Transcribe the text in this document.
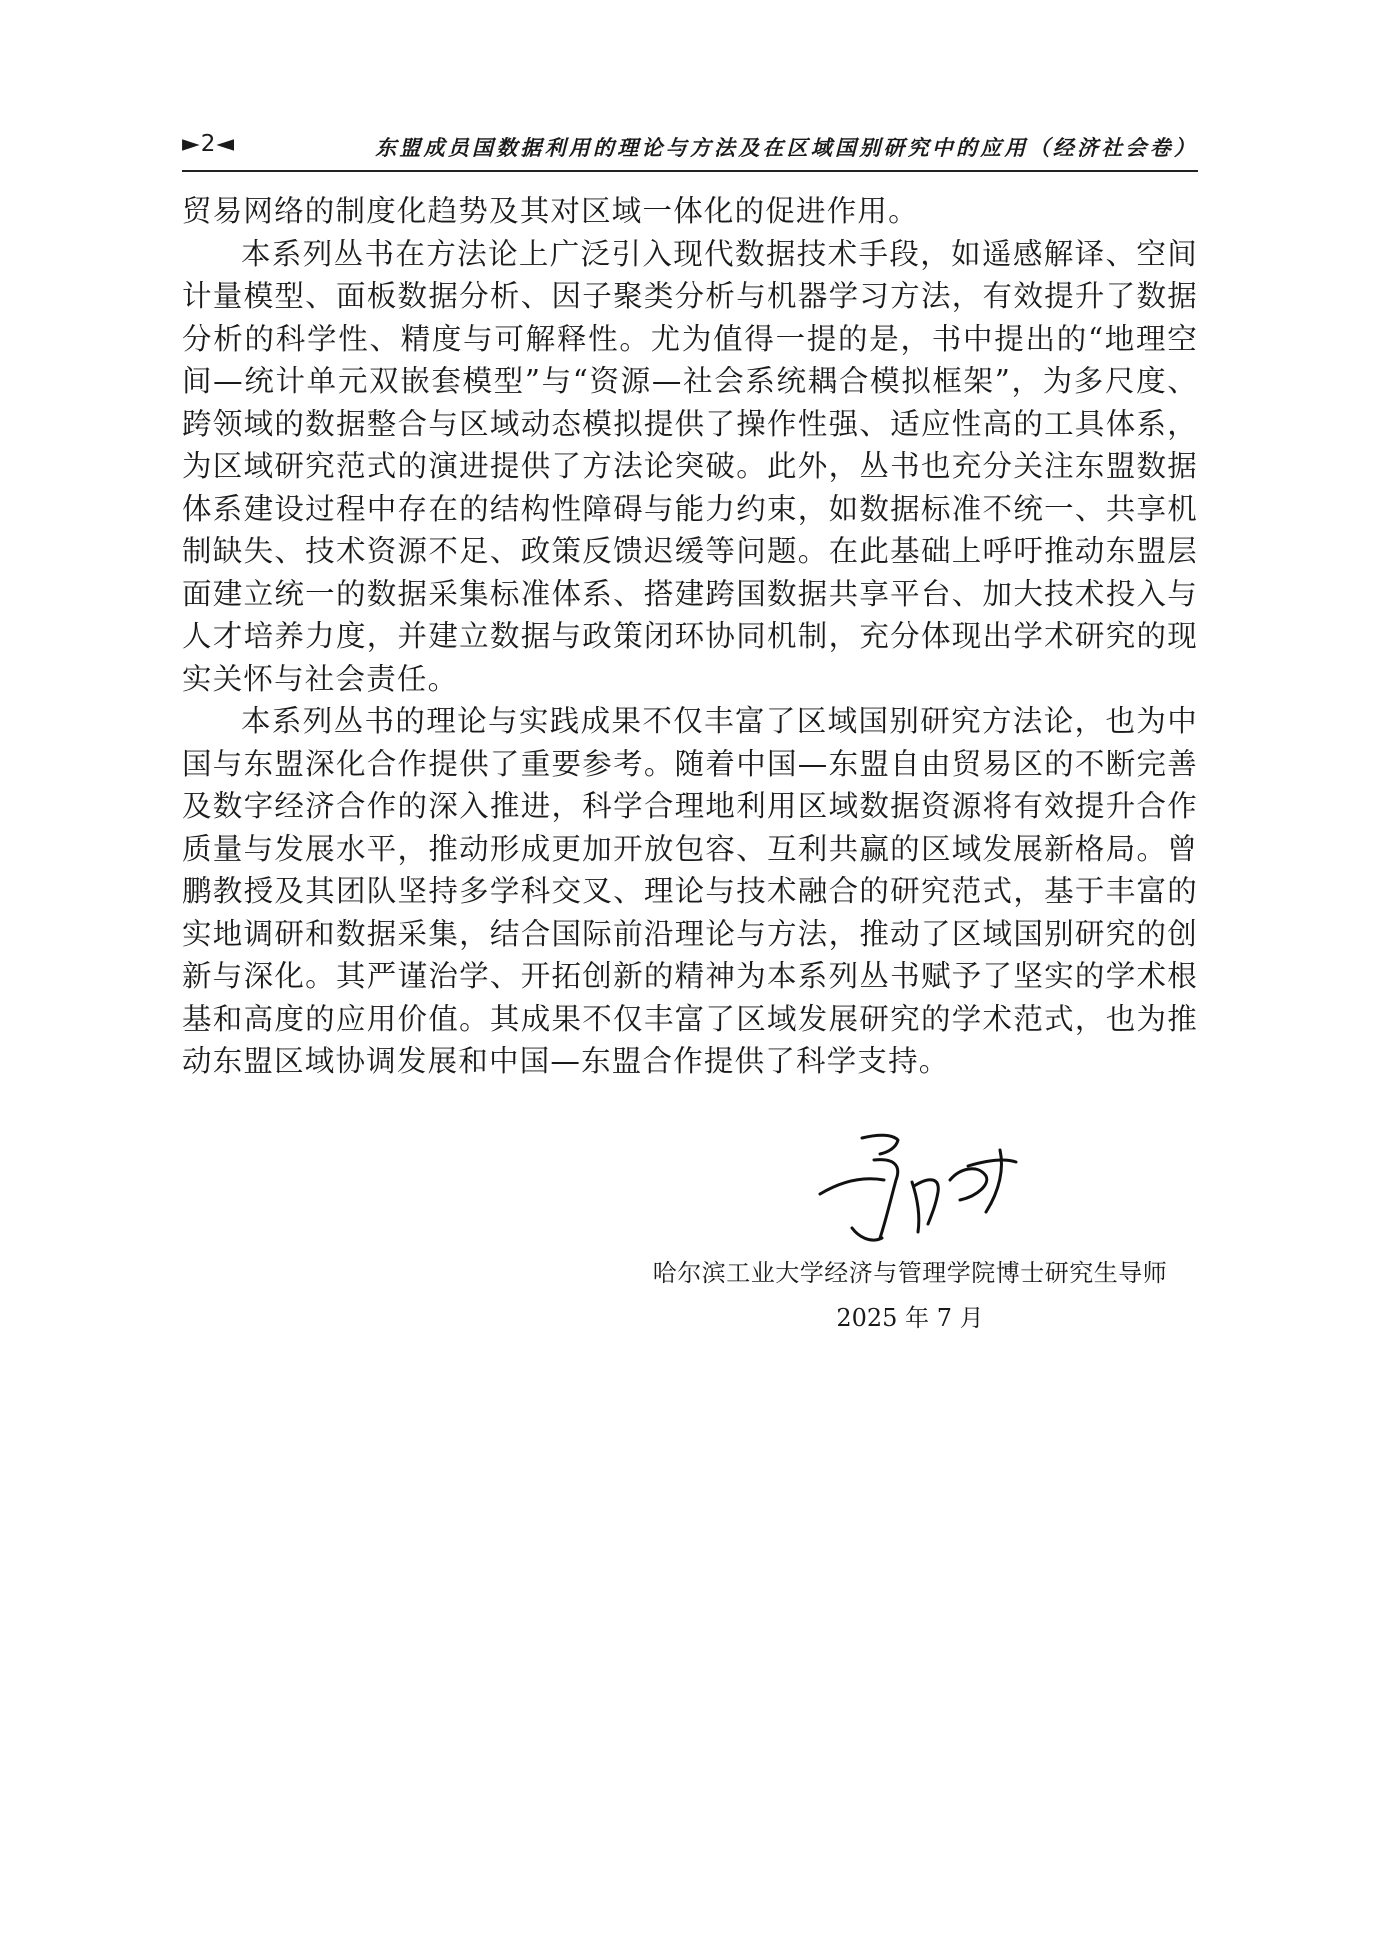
►2◄	东盟成员国数据利用的理论与方法及在区域国别研究中的应用（经济社会卷）

贸易网络的制度化趋势及其对区域一体化的促进作用。

本系列丛书在方法论上广泛引入现代数据技术手段，如遥感解译、空间计量模型、面板数据分析、因子聚类分析与机器学习方法，有效提升了数据分析的科学性、精度与可解释性。尤为值得一提的是，书中提出的“地理空间—统计单元双嵌套模型”与“资源—社会系统耦合模拟框架”，为多尺度、跨领域的数据整合与区域动态模拟提供了操作性强、适应性高的工具体系，为区域研究范式的演进提供了方法论突破。此外，丛书也充分关注东盟数据体系建设过程中存在的结构性障碍与能力约束，如数据标准不统一、共享机制缺失、技术资源不足、政策反馈迟缓等问题。在此基础上呼吁推动东盟层面建立统一的数据采集标准体系、搭建跨国数据共享平台、加大技术投入与人才培养力度，并建立数据与政策闭环协同机制，充分体现出学术研究的现实关怀与社会责任。

本系列丛书的理论与实践成果不仅丰富了区域国别研究方法论，也为中国与东盟深化合作提供了重要参考。随着中国—东盟自由贸易区的不断完善及数字经济合作的深入推进，科学合理地利用区域数据资源将有效提升合作质量与发展水平，推动形成更加开放包容、互利共赢的区域发展新格局。曾鹏教授及其团队坚持多学科交叉、理论与技术融合的研究范式，基于丰富的实地调研和数据采集，结合国际前沿理论与方法，推动了区域国别研究的创新与深化。其严谨治学、开拓创新的精神为本系列丛书赋予了坚实的学术根基和高度的应用价值。其成果不仅丰富了区域发展研究的学术范式，也为推动东盟区域协调发展和中国—东盟合作提供了科学支持。

哈尔滨工业大学经济与管理学院博士研究生导师
2025 年 7 月
